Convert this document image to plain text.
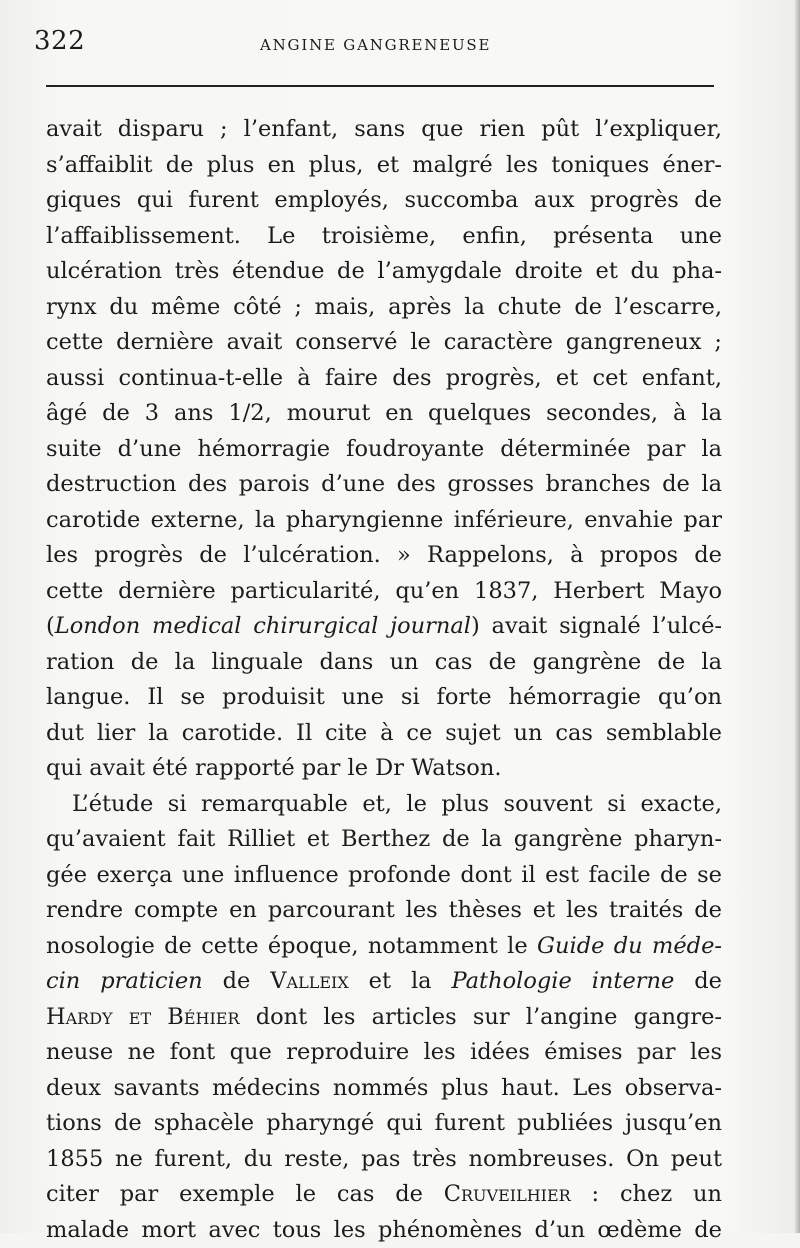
322	ANGINE GANGRENEUSE
avait disparu ; l’enfant, sans que rien pût l’expliquer,
s’affaiblit de plus en plus, et malgré les toniques éner-
giques qui furent employés, succomba aux progrès de
l’affaiblissement. Le troisième, enfin, présenta une
ulcération très étendue de l’amygdale droite et du pha-
rynx du même côté ; mais, après la chute de l’escarre,
cette dernière avait conservé le caractère gangreneux ;
aussi continua-t-elle à faire des progrès, et cet enfant,
âgé de 3 ans 1/2, mourut en quelques secondes, à la
suite d’une hémorragie foudroyante déterminée par la
destruction des parois d’une des grosses branches de la
carotide externe, la pharyngienne inférieure, envahie par
les progrès de l’ulcération. » Rappelons, à propos de
cette dernière particularité, qu’en 1837, Herbert Mayo
(London medical chirurgical journal) avait signalé l’ulcé-
ration de la linguale dans un cas de gangrène de la
langue. Il se produisit une si forte hémorragie qu’on
dut lier la carotide. Il cite à ce sujet un cas semblable
qui avait été rapporté par le Dr Watson.
L’étude si remarquable et, le plus souvent si exacte,
qu’avaient fait Rilliet et Berthez de la gangrène pharyn-
gée exerça une influence profonde dont il est facile de se
rendre compte en parcourant les thèses et les traités de
nosologie de cette époque, notamment le Guide du méde-
cin praticien de Valleix et la Pathologie interne de
Hardy et Béhier dont les articles sur l’angine gangre-
neuse ne font que reproduire les idées émises par les
deux savants médecins nommés plus haut. Les observa-
tions de sphacèle pharyngé qui furent publiées jusqu’en
1855 ne furent, du reste, pas très nombreuses. On peut
citer par exemple le cas de Cruveilhier : chez un
malade mort avec tous les phénomènes d’un œdème de
